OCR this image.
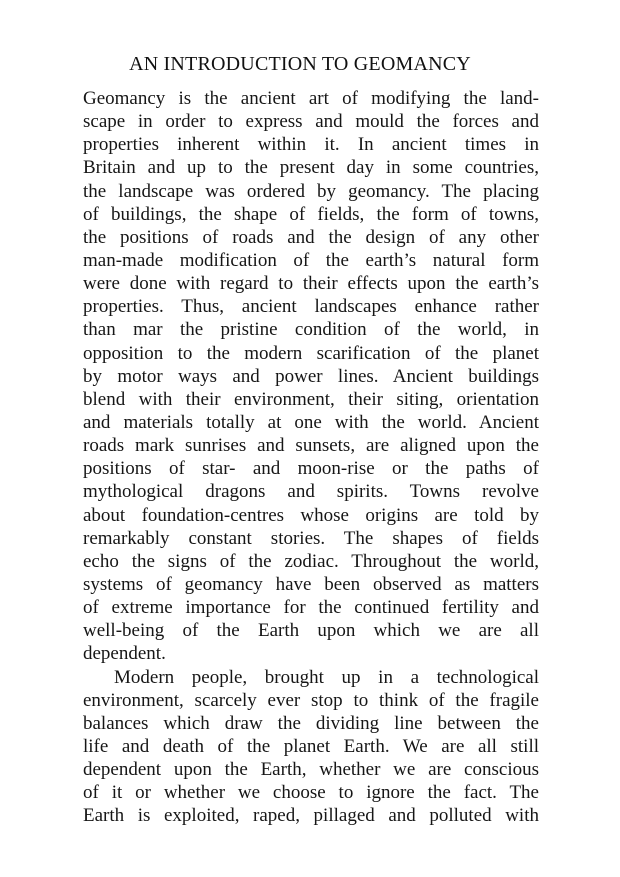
AN INTRODUCTION TO GEOMANCY
Geomancy is the ancient art of modifying the land-
scape in order to express and mould the forces and
properties inherent within it. In ancient times in
Britain and up to the present day in some countries,
the landscape was ordered by geomancy. The placing
of buildings, the shape of fields, the form of towns,
the positions of roads and the design of any other
man-made modification of the earth’s natural form
were done with regard to their effects upon the earth’s
properties. Thus, ancient landscapes enhance rather
than mar the pristine condition of the world, in
opposition to the modern scarification of the planet
by motor ways and power lines. Ancient buildings
blend with their environment, their siting, orientation
and materials totally at one with the world. Ancient
roads mark sunrises and sunsets, are aligned upon the
positions of star- and moon-rise or the paths of
mythological dragons and spirits. Towns revolve
about foundation-centres whose origins are told by
remarkably constant stories. The shapes of fields
echo the signs of the zodiac. Throughout the world,
systems of geomancy have been observed as matters
of extreme importance for the continued fertility and
well-being of the Earth upon which we are all
dependent.
Modern people, brought up in a technological
environment, scarcely ever stop to think of the fragile
balances which draw the dividing line between the
life and death of the planet Earth. We are all still
dependent upon the Earth, whether we are conscious
of it or whether we choose to ignore the fact. The
Earth is exploited, raped, pillaged and polluted with
